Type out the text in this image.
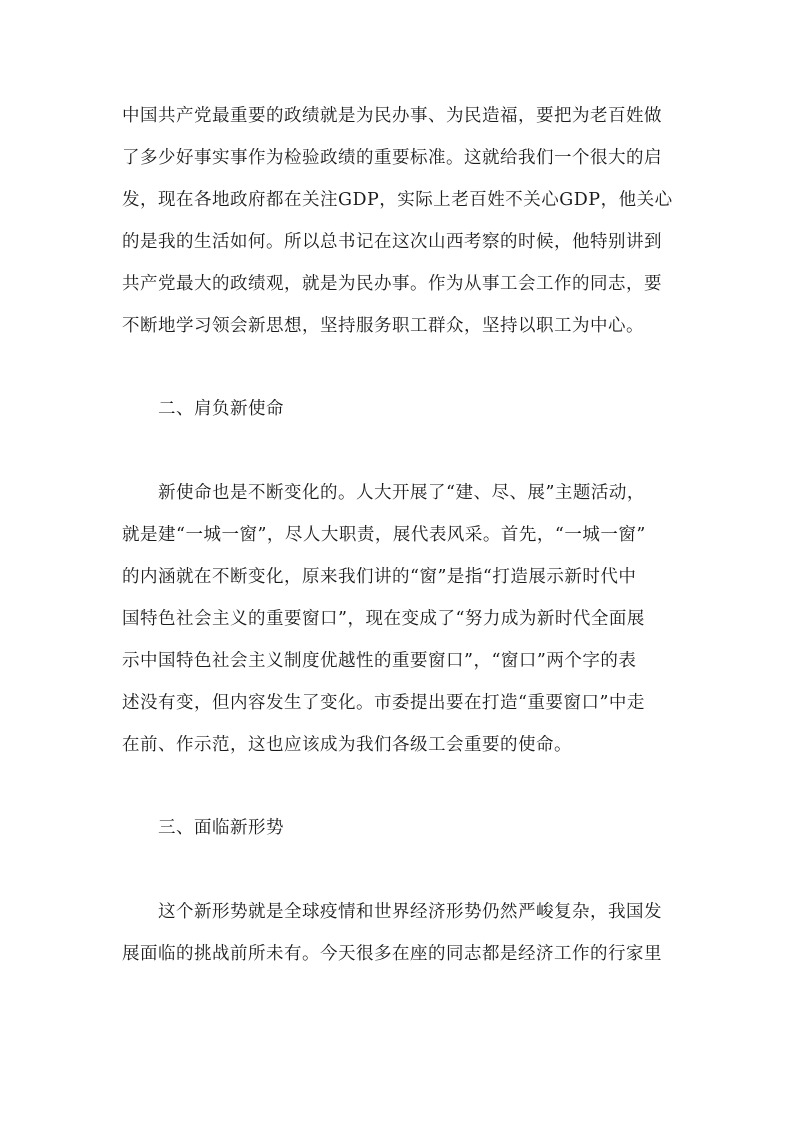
中国共产党最重要的政绩就是为民办事、为民造福，要把为老百姓做
了多少好事实事作为检验政绩的重要标准。这就给我们一个很大的启
发，现在各地政府都在关注GDP，实际上老百姓不关心GDP，他关心
的是我的生活如何。所以总书记在这次山西考察的时候，他特别讲到
共产党最大的政绩观，就是为民办事。作为从事工会工作的同志，要
不断地学习领会新思想，坚持服务职工群众，坚持以职工为中心。
二、肩负新使命
新使命也是不断变化的。人大开展了“建、尽、展”主题活动，
就是建“一城一窗”，尽人大职责，展代表风采。首先，“一城一窗”
的内涵就在不断变化，原来我们讲的“窗”是指“打造展示新时代中
国特色社会主义的重要窗口”，现在变成了“努力成为新时代全面展
示中国特色社会主义制度优越性的重要窗口”，“窗口”两个字的表
述没有变，但内容发生了变化。市委提出要在打造“重要窗口”中走
在前、作示范，这也应该成为我们各级工会重要的使命。
三、面临新形势
这个新形势就是全球疫情和世界经济形势仍然严峻复杂，我国发
展面临的挑战前所未有。今天很多在座的同志都是经济工作的行家里
